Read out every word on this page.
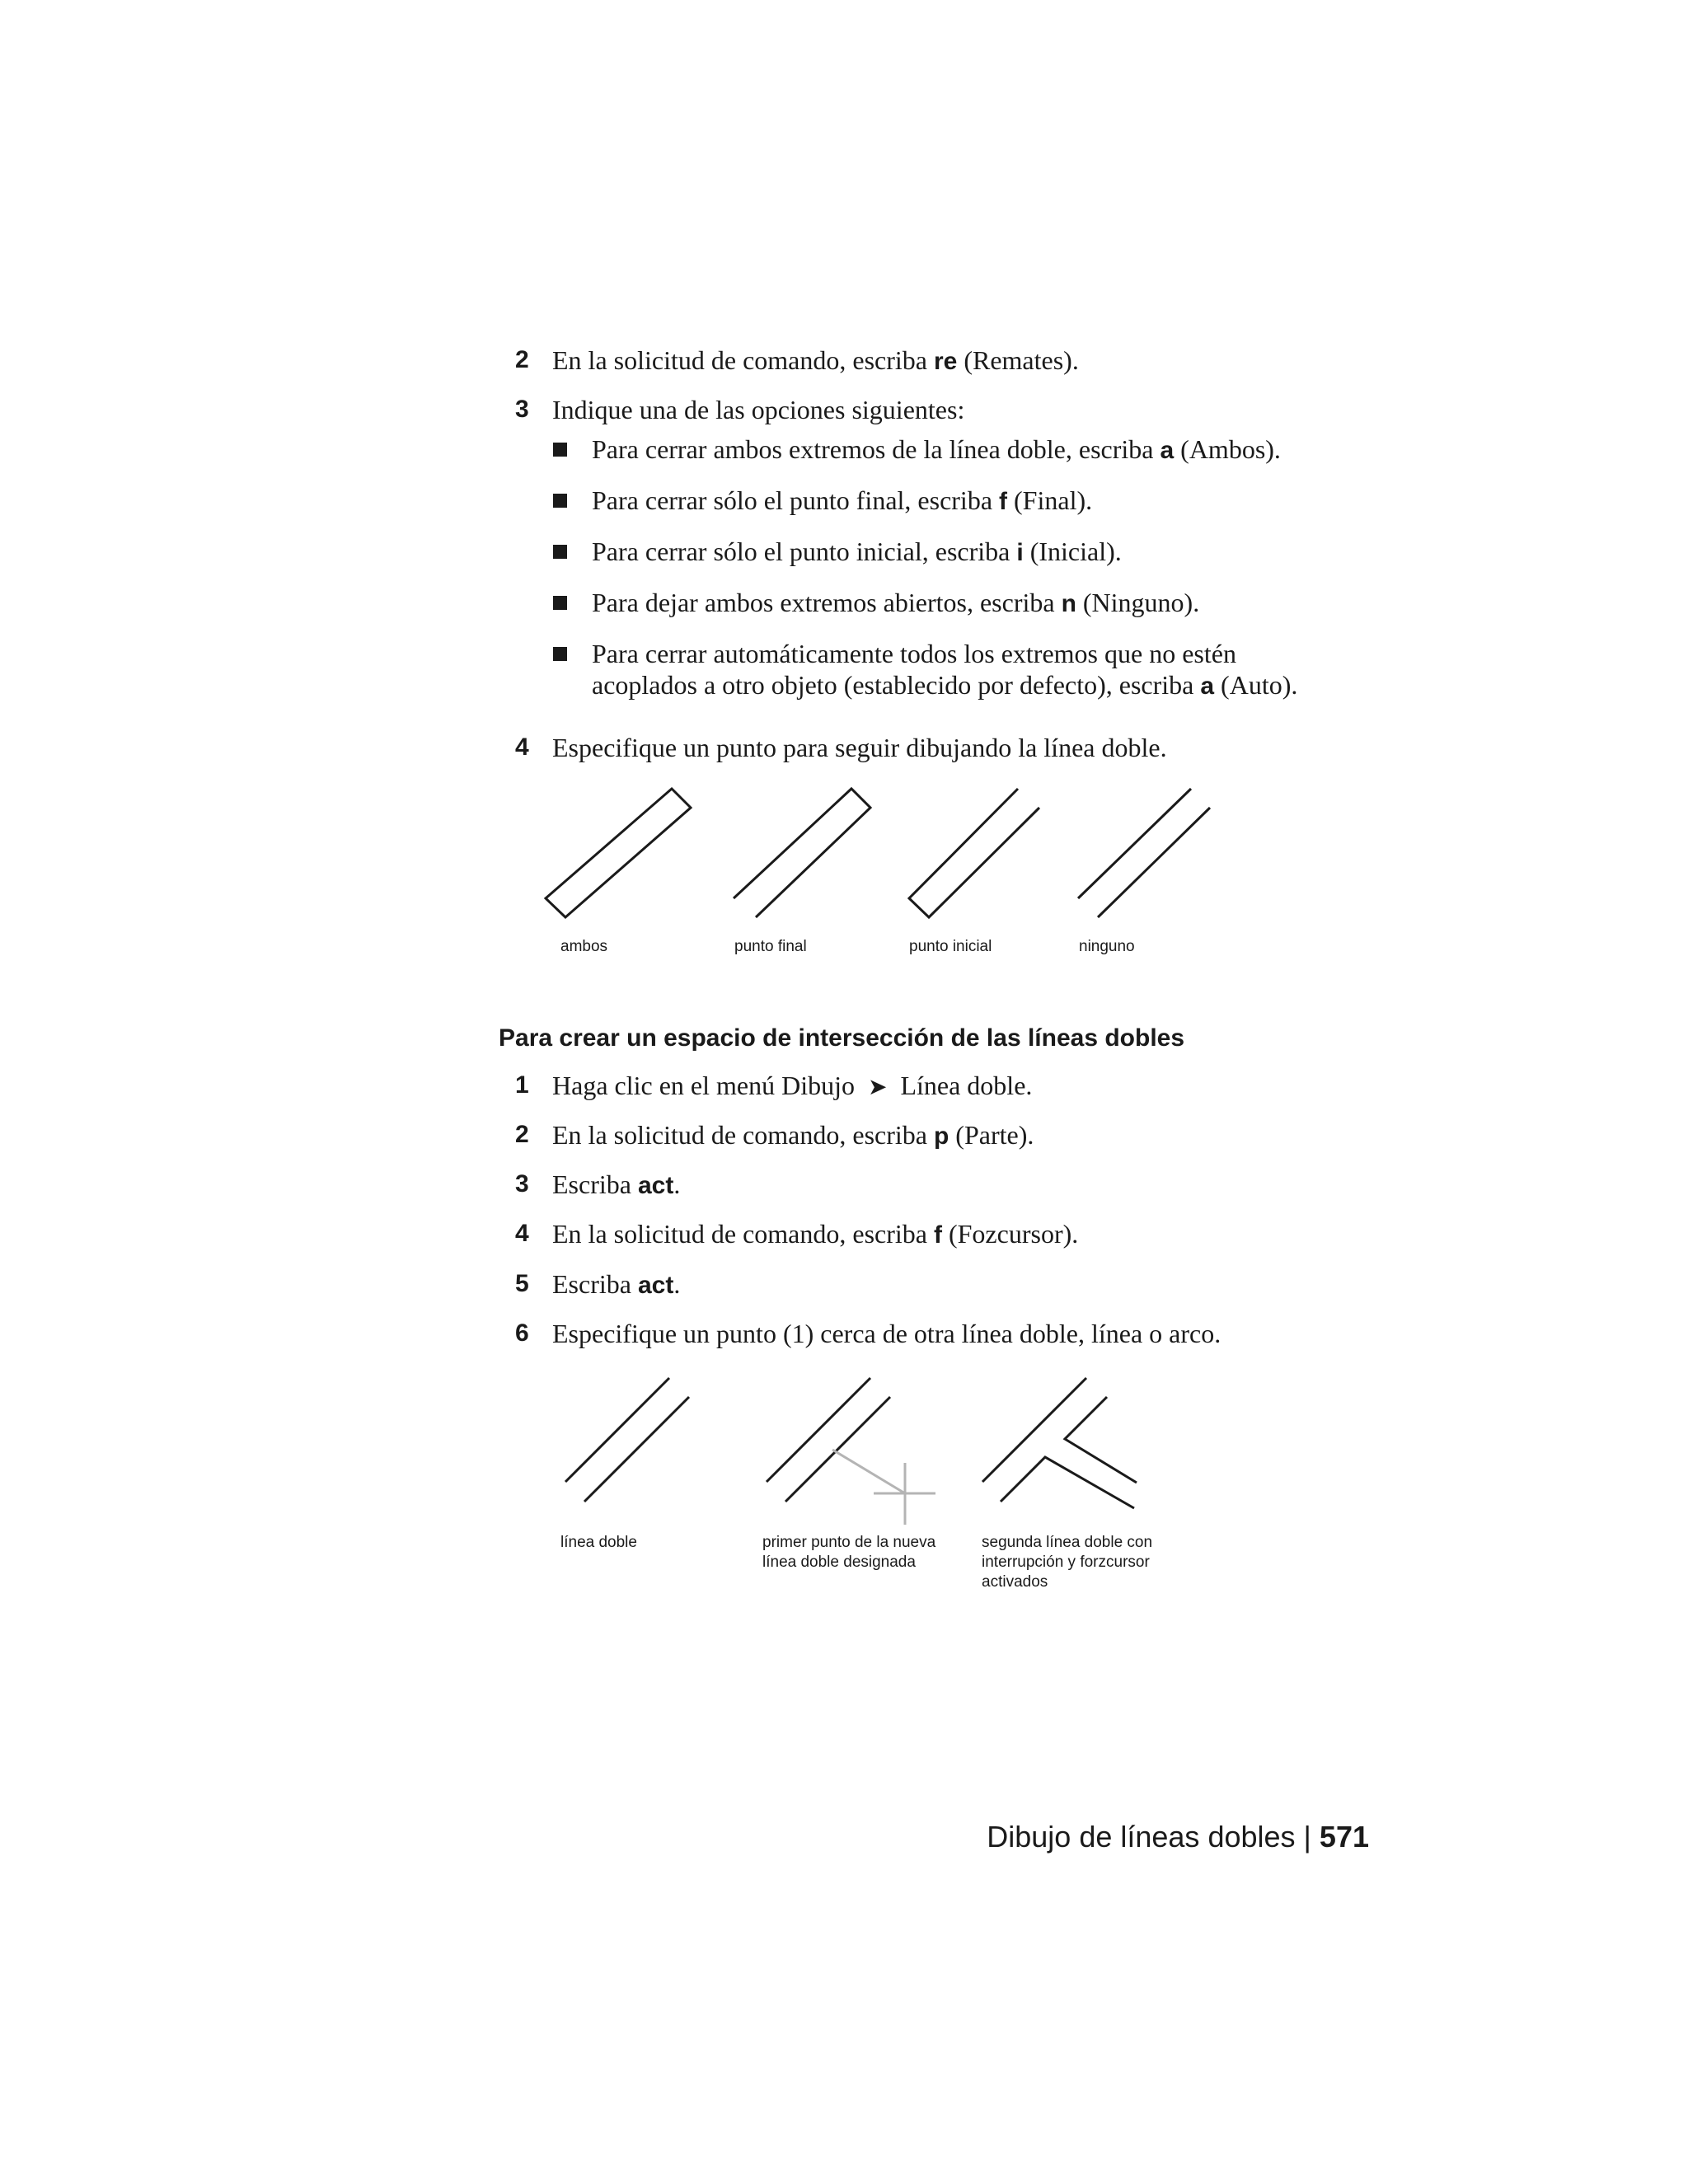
2 En la solicitud de comando, escriba re (Remates).
3 Indique una de las opciones siguientes:
Para cerrar ambos extremos de la línea doble, escriba a (Ambos).
Para cerrar sólo el punto final, escriba f (Final).
Para cerrar sólo el punto inicial, escriba i (Inicial).
Para dejar ambos extremos abiertos, escriba n (Ninguno).
Para cerrar automáticamente todos los extremos que no estén
acoplados a otro objeto (establecido por defecto), escriba a (Auto).
4 Especifique un punto para seguir dibujando la línea doble.
ambos	punto final	punto inicial	ninguno
Para crear un espacio de intersección de las líneas dobles
1 Haga clic en el menú Dibujo ➤ Línea doble.
2 En la solicitud de comando, escriba p (Parte).
3 Escriba act.
4 En la solicitud de comando, escriba f (Fozcursor).
5 Escriba act.
6 Especifique un punto (1) cerca de otra línea doble, línea o arco.
línea doble	primer punto de la nueva
línea doble designada
segunda línea doble con
interrupción y forzcursor
activados
Dibujo de líneas dobles | 571
